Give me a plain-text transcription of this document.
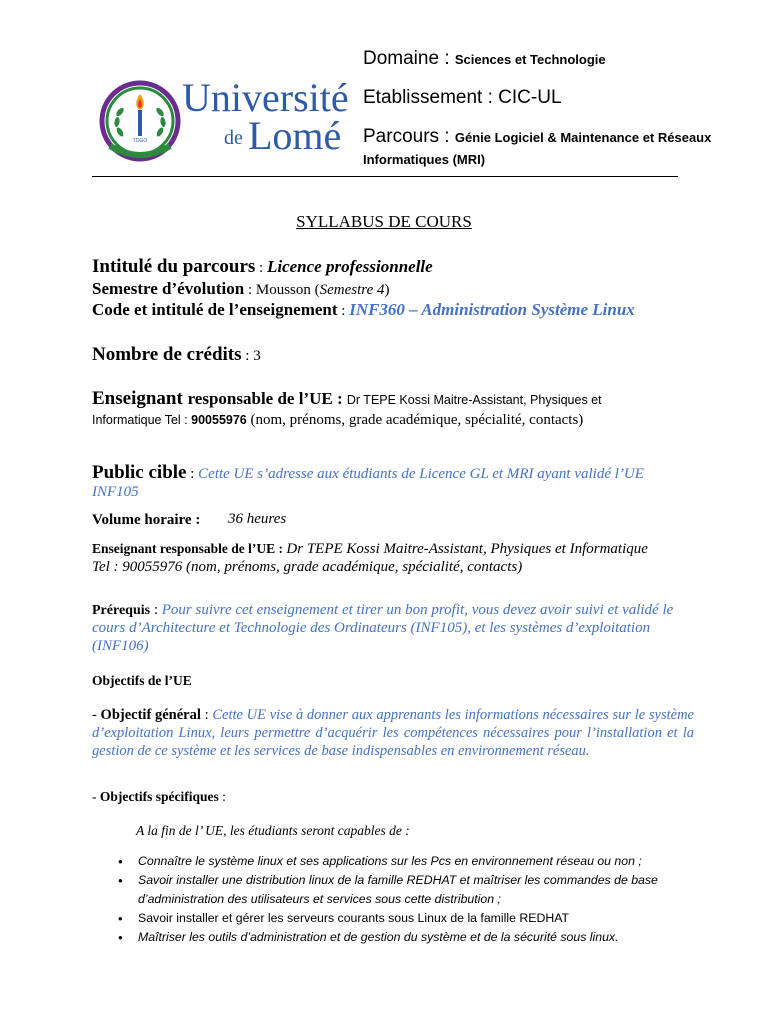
TOGO
Université
de Lomé
Domaine : Sciences et Technologie
Etablissement : CIC-UL
Parcours : Génie Logiciel & Maintenance et Réseaux
Informatiques (MRI)
SYLLABUS DE COURS
Intitulé du parcours : Licence professionnelle
Semestre d’évolution : Mousson (Semestre 4)
Code et intitulé de l’enseignement : INF360 – Administration Système Linux
Nombre de crédits : 3
Enseignant responsable de l’UE : Dr TEPE Kossi Maitre-Assistant, Physiques et
Informatique Tel : 90055976 (nom, prénoms, grade académique, spécialité, contacts)
Public cible : Cette UE s’adresse aux étudiants de Licence GL et MRI ayant validé l’UE
INF105
Volume horaire : 36 heures
Enseignant responsable de l’UE : Dr TEPE Kossi Maitre-Assistant, Physiques et Informatique
Tel : 90055976 (nom, prénoms, grade académique, spécialité, contacts)
Prérequis : Pour suivre cet enseignement et tirer un bon profit, vous devez avoir suivi et validé le
cours d’Architecture et Technologie des Ordinateurs (INF105), et les systèmes d’exploitation
(INF106)
Objectifs de l’UE
- Objectif général : Cette UE vise à donner aux apprenants les informations nécessaires sur le système d’exploitation Linux, leurs permettre d’acquérir les compétences nécessaires pour l’installation et la gestion de ce système et les services de base indispensables en environnement réseau.
- Objectifs spécifiques :
A la fin de l’ UE, les étudiants seront capables de :
• Connaître le système linux et ses applications sur les Pcs en environnement réseau ou non ;
• Savoir installer une distribution linux de la famille REDHAT et maîtriser les commandes de base d’administration des utilisateurs et services sous cette distribution ;
• Savoir installer et gérer les serveurs courants sous Linux de la famille REDHAT
• Maîtriser les outils d’administration et de gestion du système et de la sécurité sous linux.
